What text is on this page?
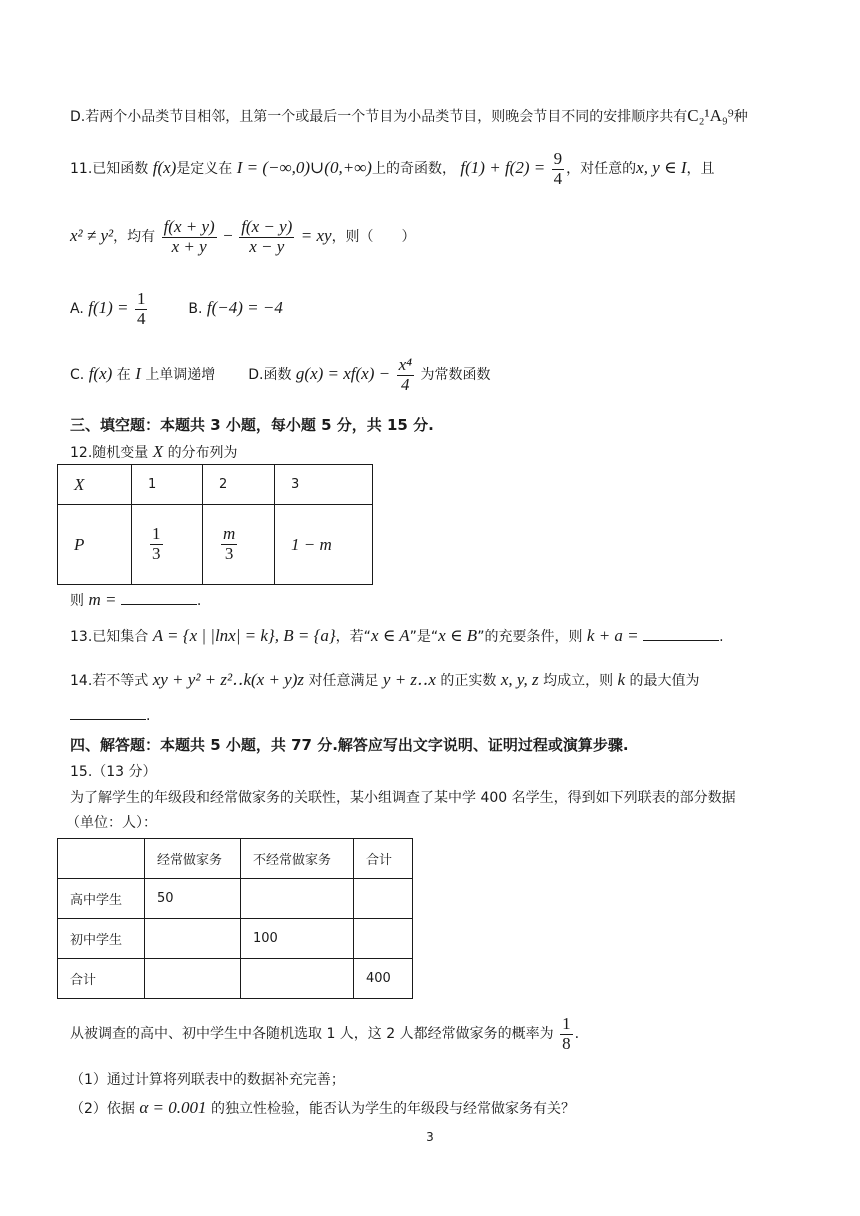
D.若两个小品类节目相邻，且第一个或最后一个节目为小品类节目，则晚会节目不同的安排顺序共有C₂¹A₉⁹种
11.已知函数 f(x)是定义在 I = (−∞,0)∪(0,+∞)上的奇函数， $f(1) + f(2) = \frac{9}{4}$ ，对任意的x, y ∈ I，且
x² ≠ y²，均有 $\frac{f(x + y)}{x + y} - \frac{f(x - y)}{x - y}$ = xy，则（　　）
A. $f(1) = \frac{1}{4}$	B. f(−4) = −4
C. f(x) 在 I 上单调递增 D.函数 $g(x) = xf(x) - \frac{\text{x⁴}}{4}$ 为常数函数
三、填空题：本题共 3 小题，每小题 5 分，共 15 分.
12.随机变量 X 的分布列为
X	1	2	3
P	$\frac{1}{3}$	$\frac{m}{3}$	1 − m
则 m =	.
13.已知集合 A = {x | |lnx| = k}, B = {a}，若“x ∈ A”是“x ∈ B”的充要条件，则 k + a =	.
14.若不等式 xy + y² + z²‥k(x + y)z 对任意满足 y + z‥x 的正实数 x, y, z 均成立，则 k 的最大值为
.
四、解答题：本题共 5 小题，共 77 分.解答应写出文字说明、证明过程或演算步骤.
15.（13 分）
为了解学生的年级段和经常做家务的关联性，某小组调查了某中学 400 名学生，得到如下列联表的部分数据
（单位：人）：
	经常做家务	不经常做家务	合计
高中学生	50		
初中学生		100	
合计			400
从被调查的高中、初中学生中各随机选取 1 人，这 2 人都经常做家务的概率为 $\frac{1}{8}$ .
（1）通过计算将列联表中的数据补充完善；
（2）依据 α = 0.001 的独立性检验，能否认为学生的年级段与经常做家务有关？
3
